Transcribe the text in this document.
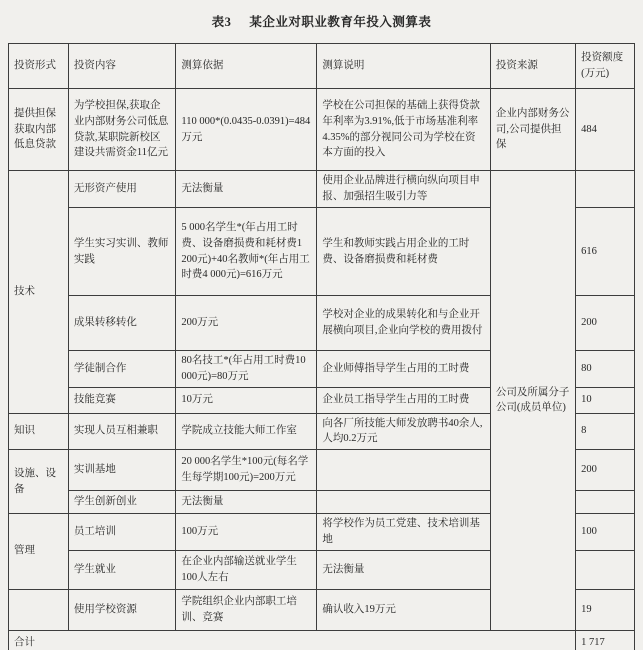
表3 某企业对职业教育年投入测算表
投资形式	投资内容	测算依据	测算说明	投资来源	投资额度(万元)
提供担保获取内部低息贷款	为学校担保,获取企业内部财务公司低息贷款,某职院新校区建设共需资金11亿元	110 000*(0.0435-0.0391)=484万元	学校在公司担保的基础上获得贷款年利率为3.91%,低于市场基准利率4.35%的部分视同公司为学校在资本方面的投入	企业内部财务公司,公司提供担保	484
技术	无形资产使用	无法衡量	使用企业品牌进行横向纵向项目申报、加强招生吸引力等	公司及所属分子公司(成员单位)	
	学生实习实训、教师实践	5 000名学生*(年占用工时费、设备磨损费和耗材费1 200元)+40名教师*(年占用工时费4 000元)=616万元	学生和教师实践占用企业的工时费、设备磨损费和耗材费		616
	成果转移转化	200万元	学校对企业的成果转化和与企业开展横向项目,企业向学校的费用拨付		200
	学徒制合作	80名技工*(年占用工时费10 000元)=80万元	企业师傅指导学生占用的工时费		80
	技能竞赛	10万元	企业员工指导学生占用的工时费		10
知识	实现人员互相兼职	学院成立技能大师工作室	向各厂所技能大师发放聘书40余人,人均0.2万元		8
设施、设备	实训基地	20 000名学生*100元(每名学生每学期100元)=200万元			200
	学生创新创业	无法衡量			
管理	员工培训	100万元	将学校作为员工党建、技术培训基地		100
	学生就业	在企业内部输送就业学生100人左右	无法衡量		
	使用学校资源	学院组织企业内部职工培训、竞赛	确认收入19万元		19
合计					1 717
